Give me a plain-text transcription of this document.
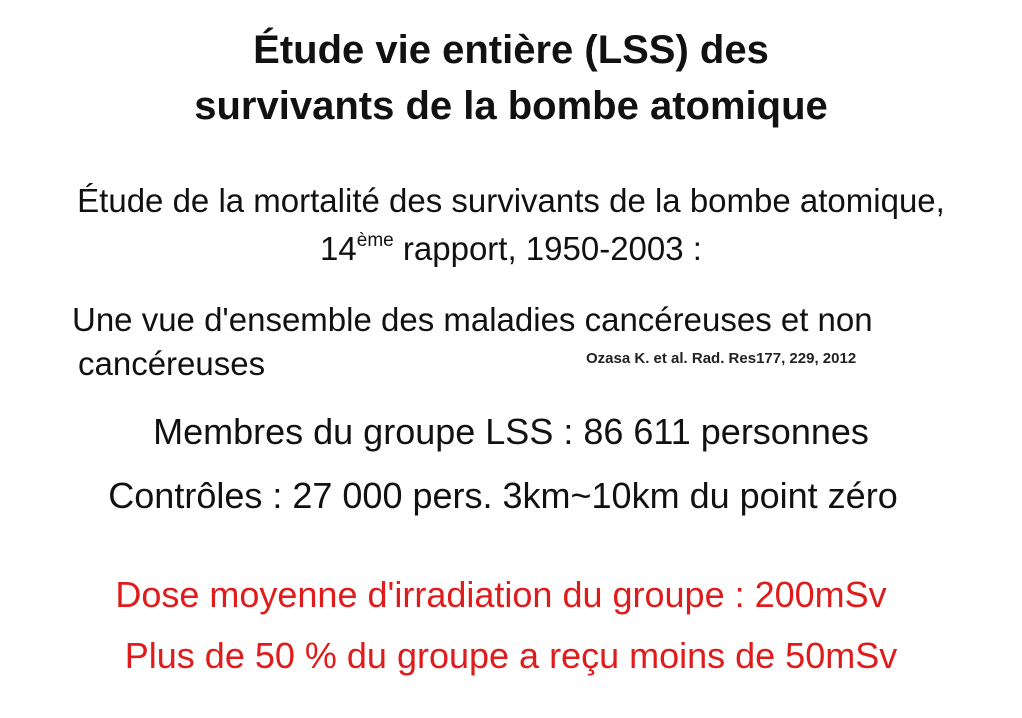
Étude vie entière (LSS) des
survivants de la bombe atomique
Étude de la mortalité des survivants de la bombe atomique,
14ème rapport, 1950-2003 :
Une vue d'ensemble des maladies cancéreuses et non
cancéreuses	Ozasa K. et al. Rad. Res177, 229, 2012
Membres du groupe LSS : 86 611 personnes
Contrôles : 27 000 pers. 3km~10km du point zéro
Dose moyenne d'irradiation du groupe : 200mSv
Plus de 50 % du groupe a reçu moins de 50mSv
